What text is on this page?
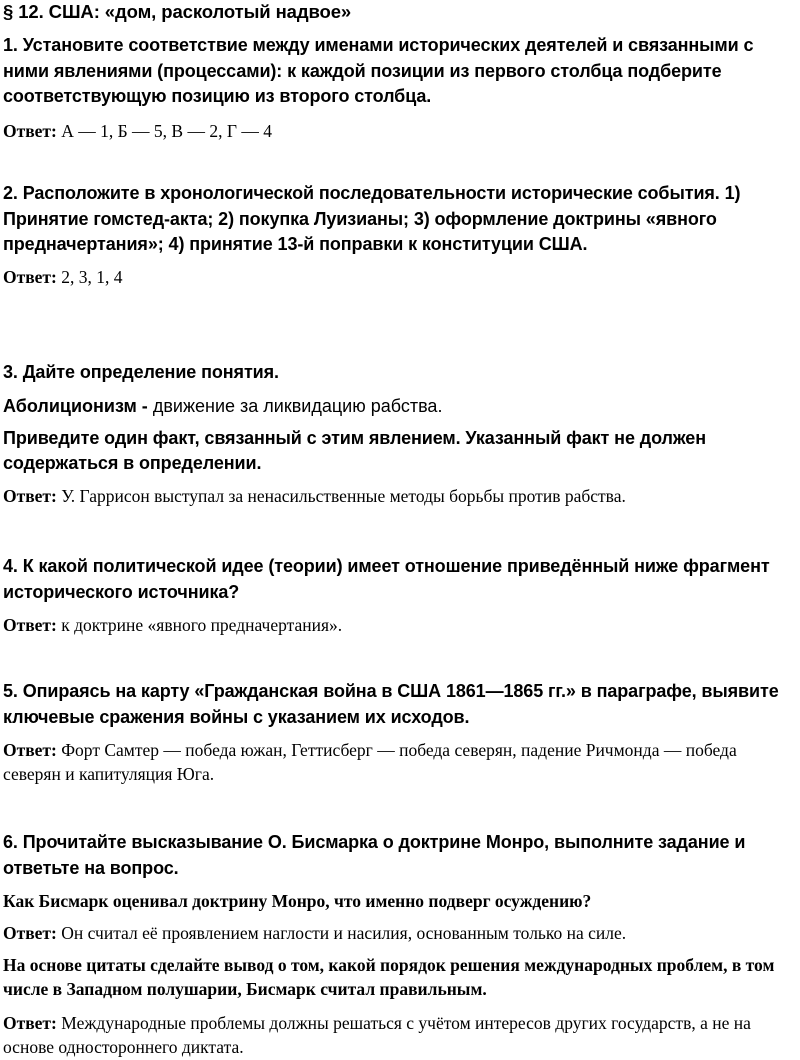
§ 12. США: «дом, расколотый надвое»

1. Установите соответствие между именами исторических деятелей и связанными с ними явлениями (процессами): к каждой позиции из первого столбца подберите соответствующую позицию из второго столбца.

Ответ: А — 1, Б — 5, В — 2, Г — 4

2. Расположите в хронологической последовательности исторические события. 1) Принятие гомстед-акта; 2) покупка Луизианы; 3) оформление доктрины «явного предначертания»; 4) принятие 13-й поправки к конституции США.

Ответ: 2, 3, 1, 4

3. Дайте определение понятия.

Аболиционизм - движение за ликвидацию рабства.

Приведите один факт, связанный с этим явлением. Указанный факт не должен содержаться в определении.

Ответ: У. Гаррисон выступал за ненасильственные методы борьбы против рабства.

4. К какой политической идее (теории) имеет отношение приведённый ниже фрагмент исторического источника?

Ответ: к доктрине «явного предначертания».

5. Опираясь на карту «Гражданская война в США 1861—1865 гг.» в параграфе, выявите ключевые сражения войны с указанием их исходов.

Ответ: Форт Самтер — победа южан, Геттисберг — победа северян, падение Ричмонда — победа северян и капитуляция Юга.

6. Прочитайте высказывание О. Бисмарка о доктрине Монро, выполните задание и ответьте на вопрос.

Как Бисмарк оценивал доктрину Монро, что именно подверг осуждению?

Ответ: Он считал её проявлением наглости и насилия, основанным только на силе.

На основе цитаты сделайте вывод о том, какой порядок решения международных проблем, в том числе в Западном полушарии, Бисмарк считал правильным.

Ответ: Международные проблемы должны решаться с учётом интересов других государств, а не на основе одностороннего диктата.
